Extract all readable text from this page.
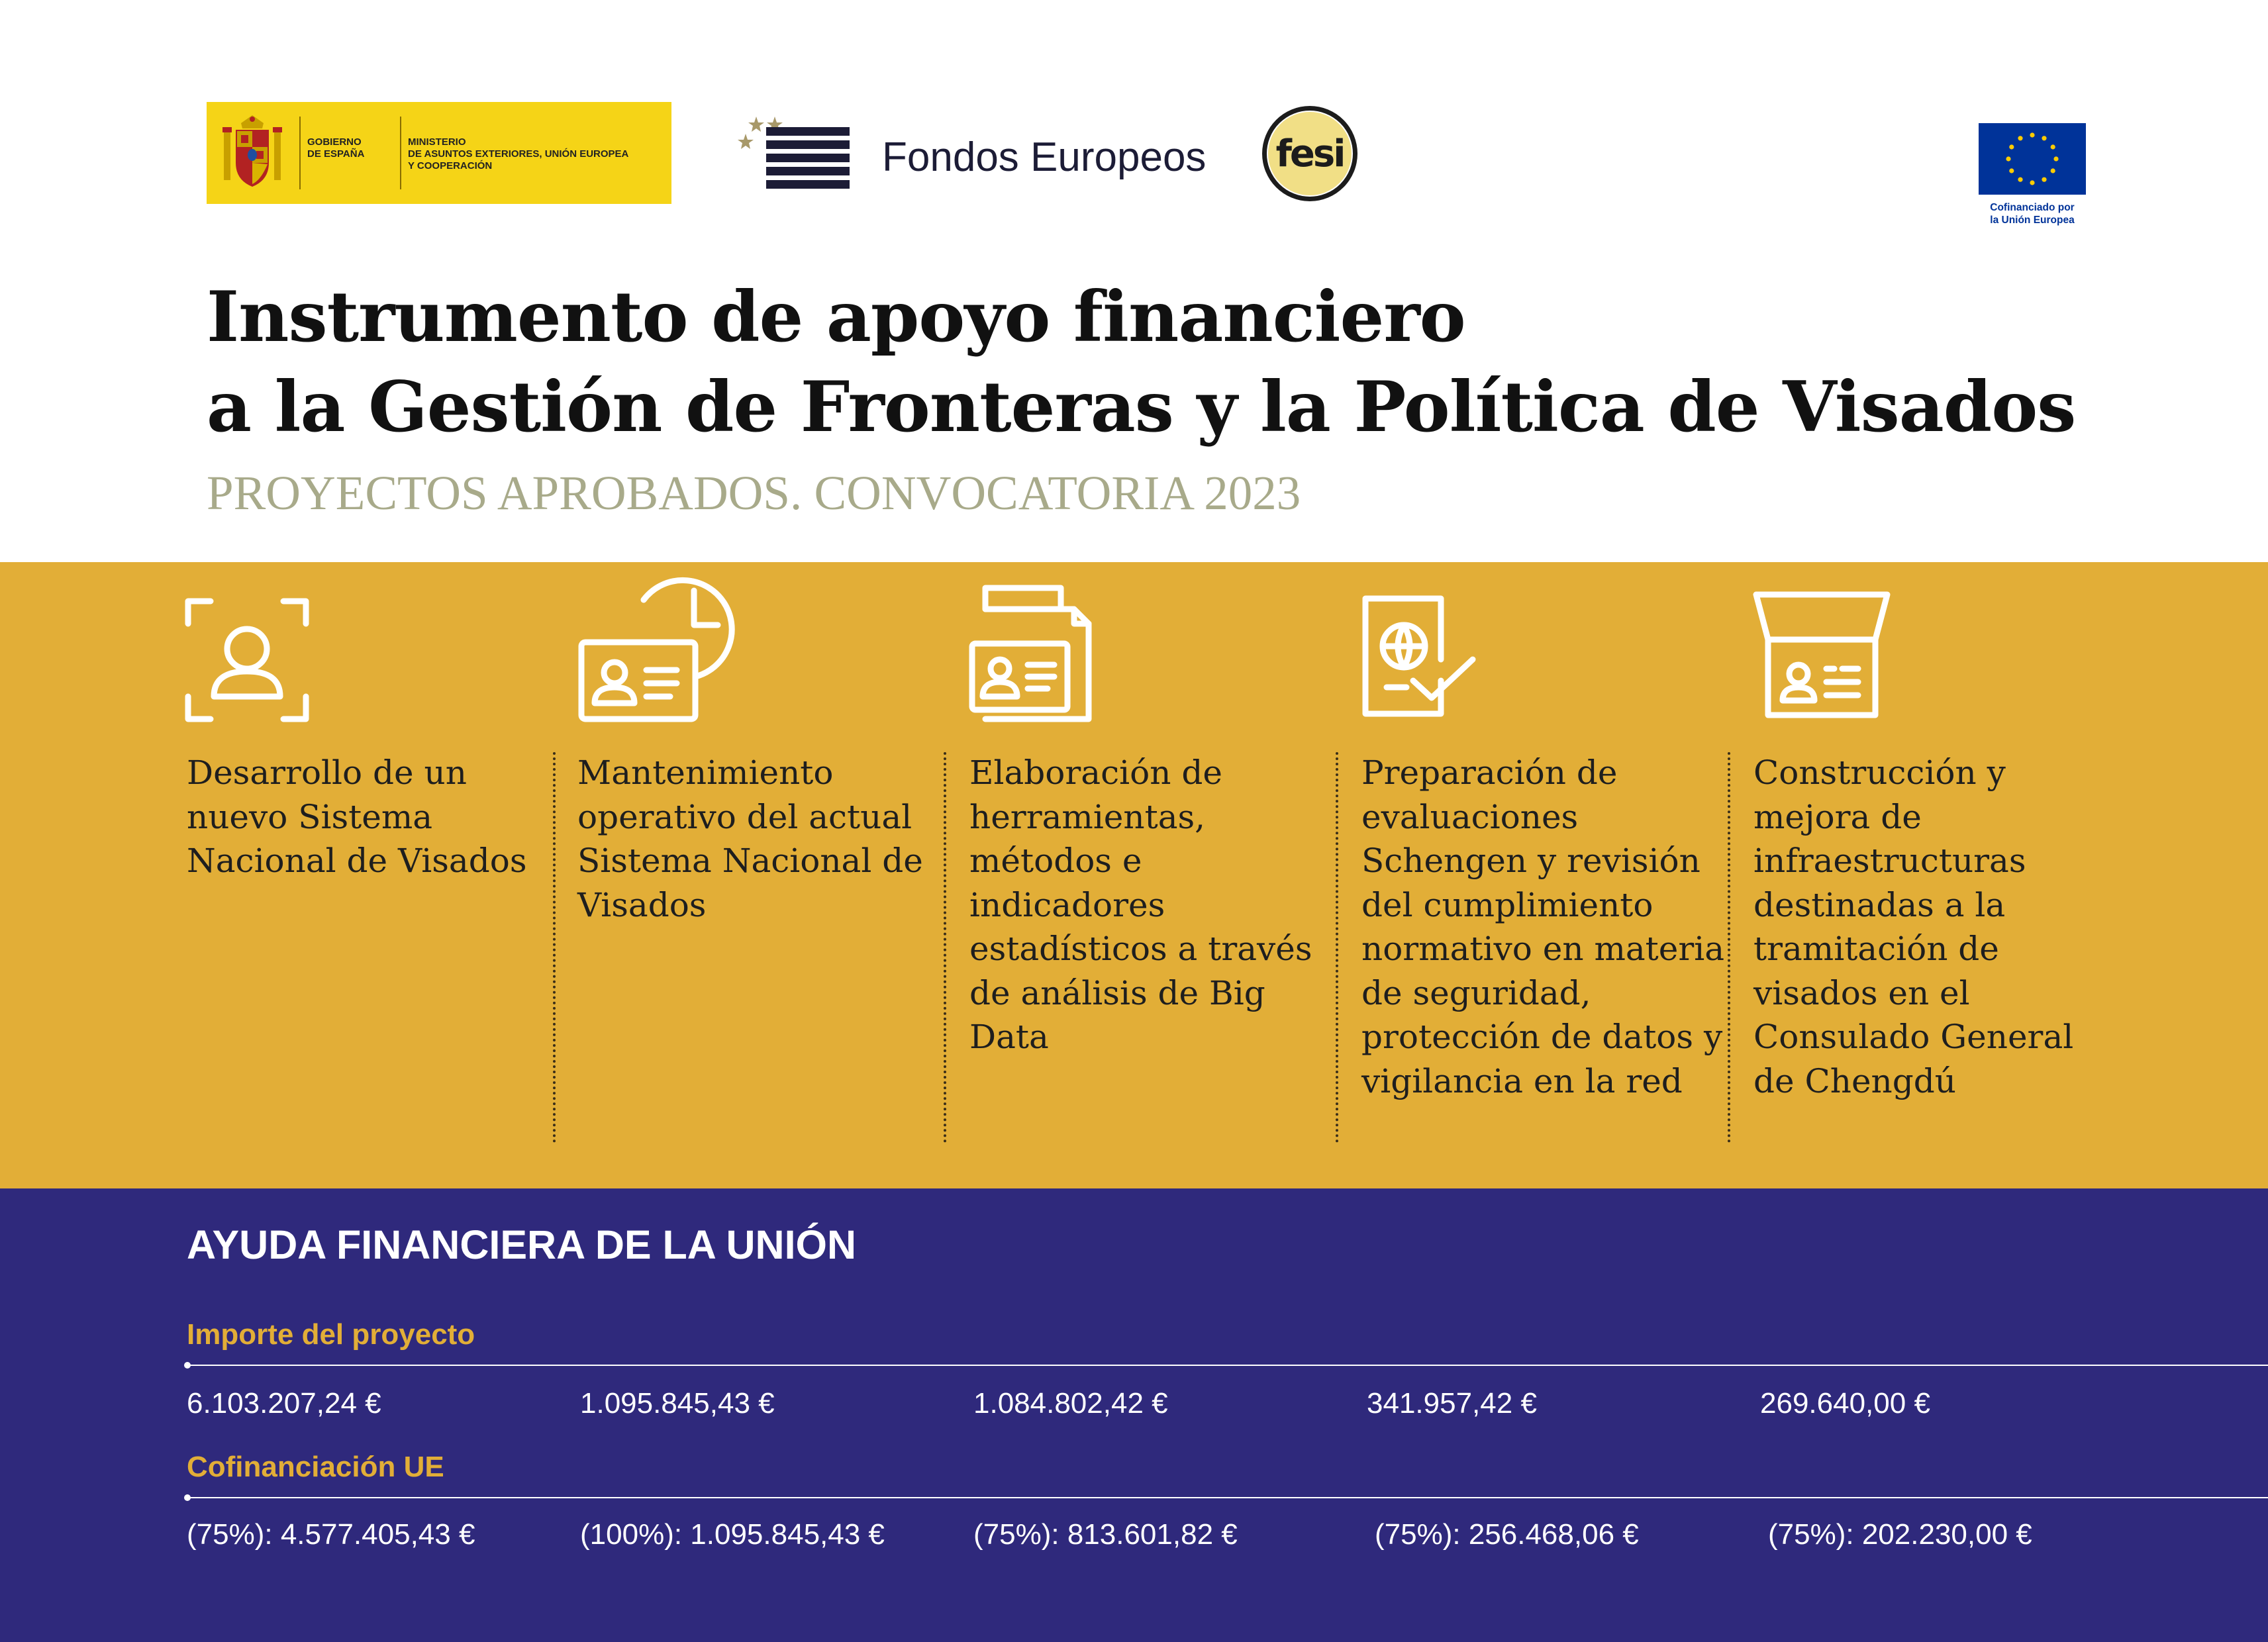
GOBIERNO
DE ESPAÑA
MINISTERIO
DE ASUNTOS EXTERIORES, UNIÓN EUROPEA
Y COOPERACIÓN	Fondos Europeos fesi
Cofinanciado por
la Unión Europea
Instrumento de apoyo financiero
a la Gestión de Fronteras y la Política de Visados
PROYECTOS APROBADOS. CONVOCATORIA 2023

Desarrollo de un nuevo Sistema Nacional de Visados

Mantenimiento operativo del actual Sistema Nacional de Visados

Elaboración de herramientas, métodos e indicadores estadísticos a través de análisis de Big Data

Preparación de evaluaciones Schengen y revisión del cumplimiento normativo en materia de seguridad, protección de datos y vigilancia en la red

Construcción y mejora de infraestructuras destinadas a la tramitación de visados en el Consulado General de Chengdú

AYUDA FINANCIERA DE LA UNIÓN

Importe del proyecto

6.103.207,24 €	1.095.845,43 €	1.084.802,42 €	341.957,42 €	269.640,00 €

Cofinanciación UE

(75%): 4.577.405,43 €	(100%): 1.095.845,43 €	(75%): 813.601,82 €	(75%): 256.468,06 €	(75%): 202.230,00 €
